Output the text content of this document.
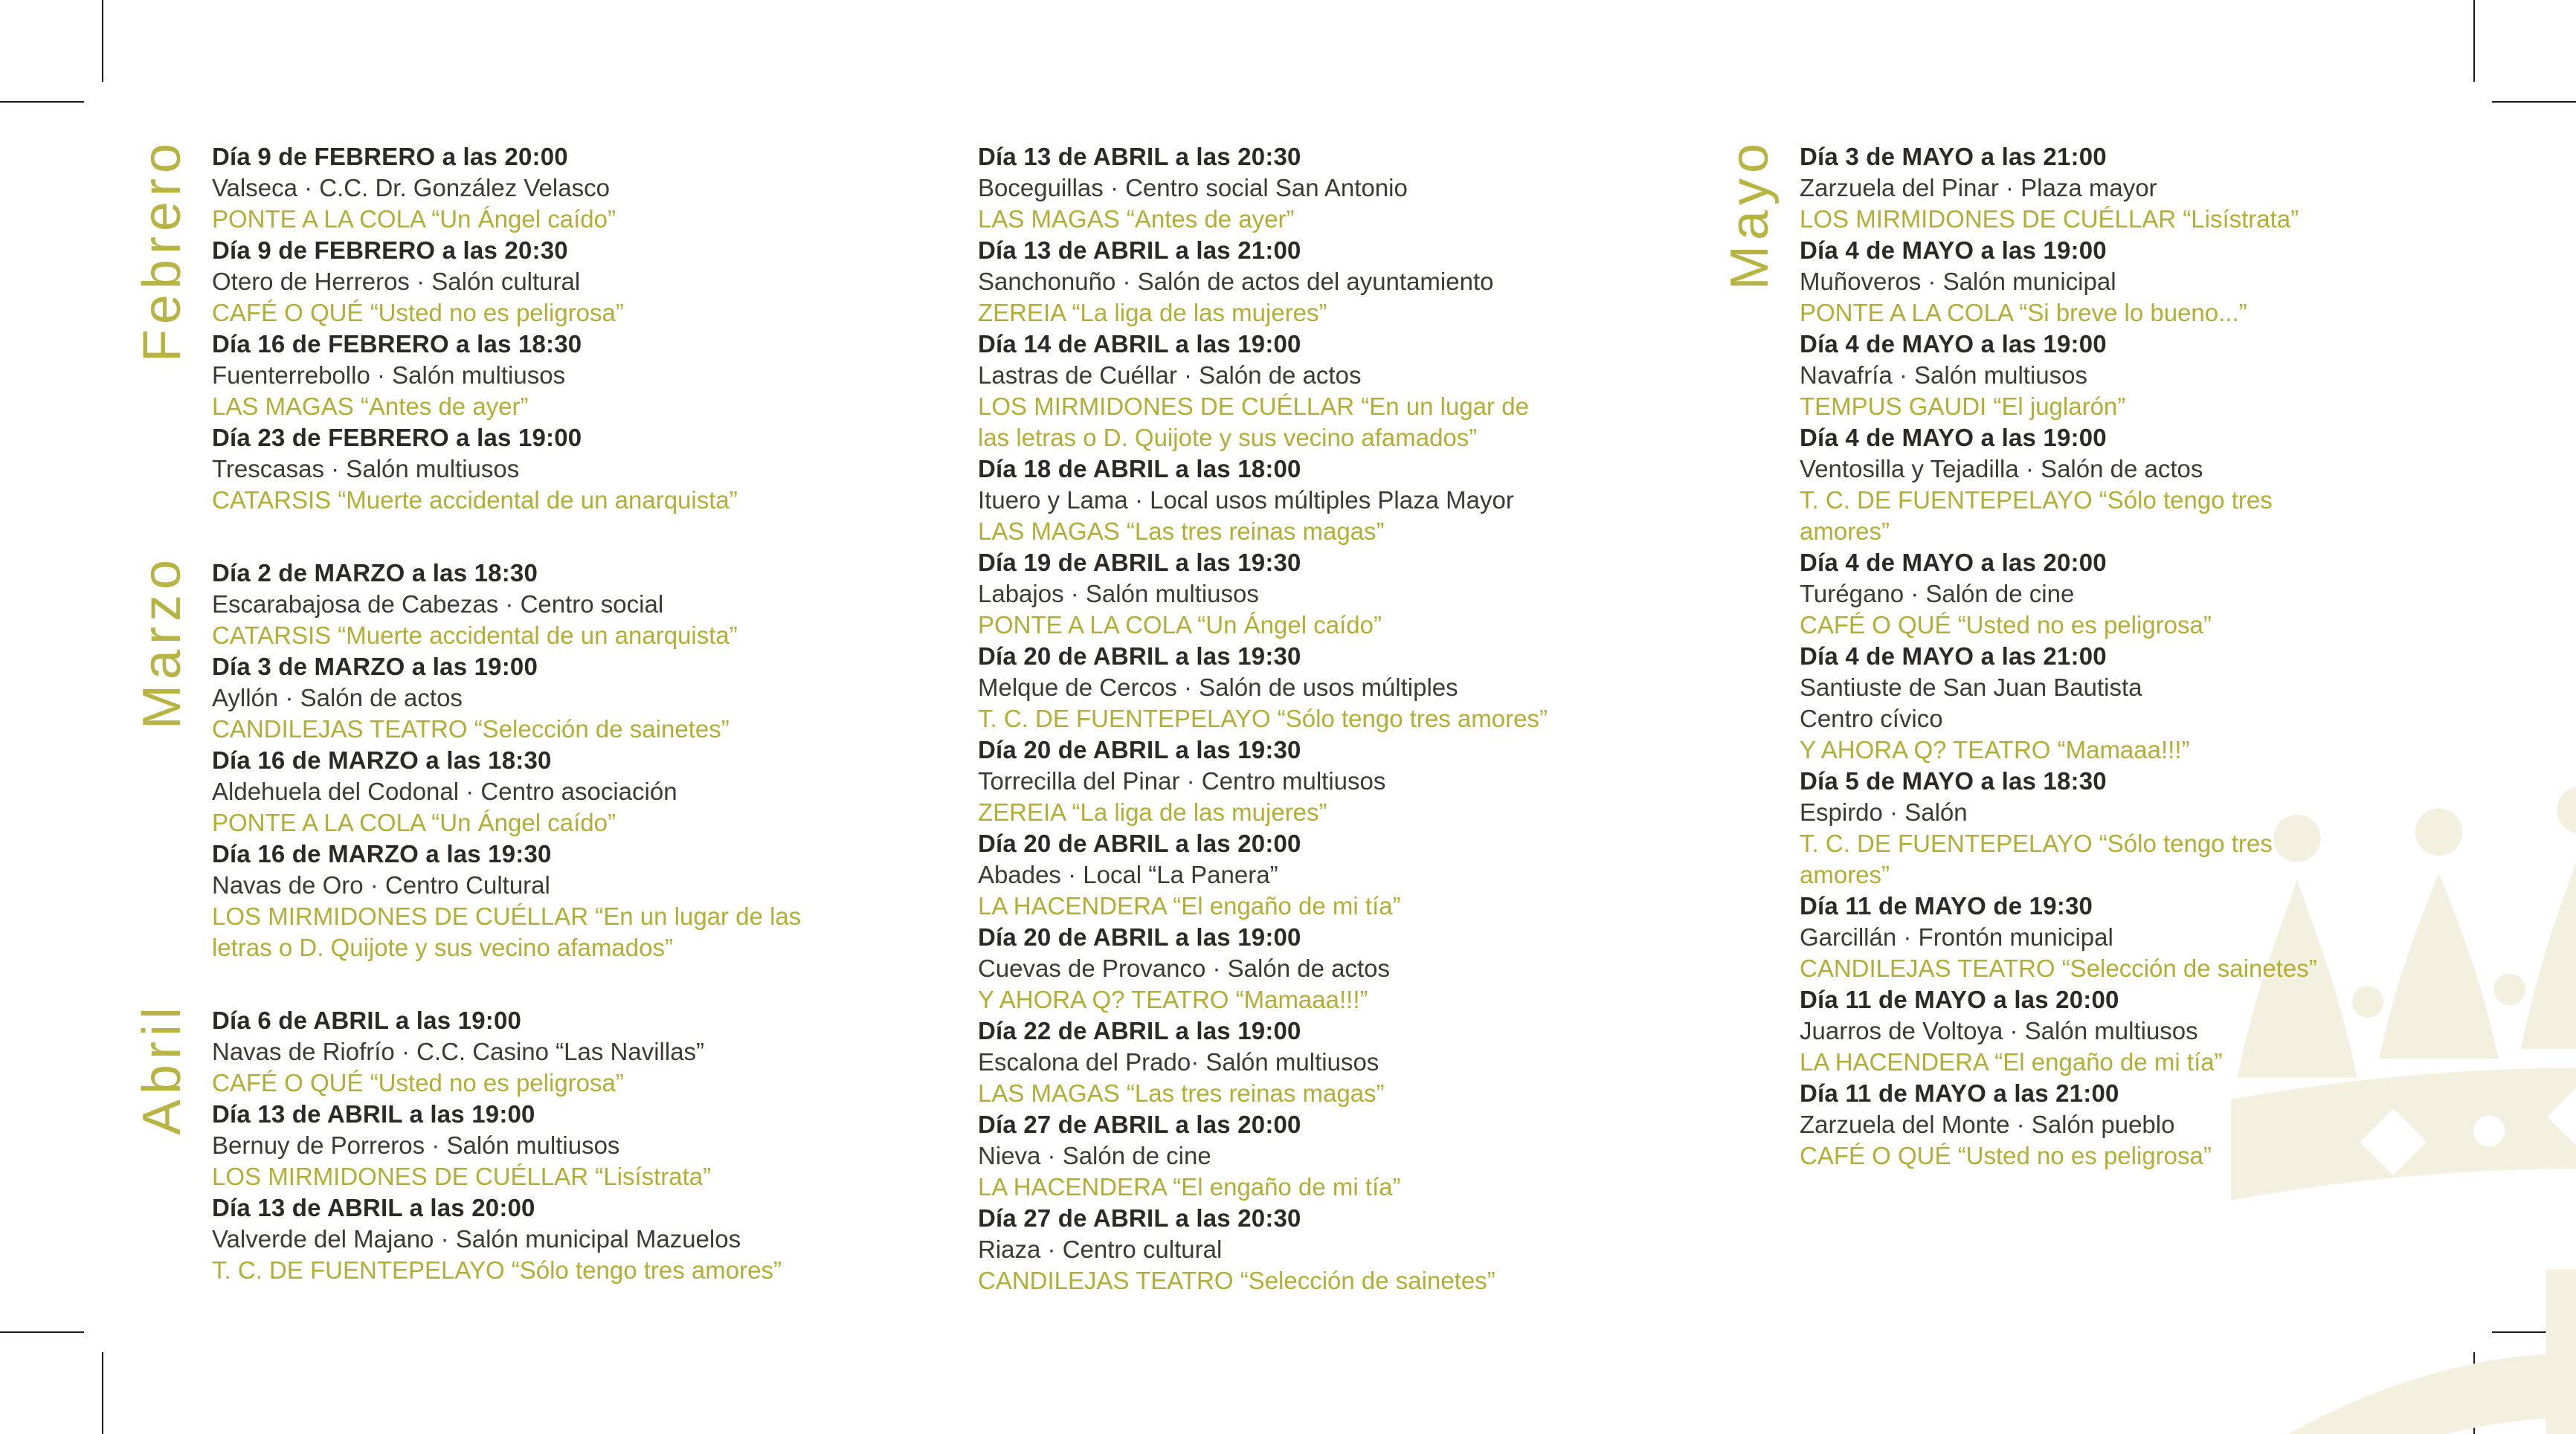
Febrero Día 9 de FEBRERO a las 20:00
Valseca · C.C. Dr. González Velasco
PONTE A LA COLA “Un Ángel caído”
Día 9 de FEBRERO a las 20:30
Otero de Herreros · Salón cultural
CAFÉ O QUÉ “Usted no es peligrosa”
Día 16 de FEBRERO a las 18:30
Fuenterrebollo · Salón multiusos
LAS MAGAS “Antes de ayer”
Día 23 de FEBRERO a las 19:00
Trescasas · Salón multiusos
CATARSIS “Muerte accidental de un anarquista”
Marzo Día 2 de MARZO a las 18:30
Escarabajosa de Cabezas · Centro social
CATARSIS “Muerte accidental de un anarquista”
Día 3 de MARZO a las 19:00
Ayllón · Salón de actos
CANDILEJAS TEATRO “Selección de sainetes”
Día 16 de MARZO a las 18:30
Aldehuela del Codonal · Centro asociación
PONTE A LA COLA “Un Ángel caído”
Día 16 de MARZO a las 19:30
Navas de Oro · Centro Cultural
LOS MIRMIDONES DE CUÉLLAR “En un lugar de las
letras o D. Quijote y sus vecino afamados”
Abril Día 6 de ABRIL a las 19:00
Navas de Riofrío · C.C. Casino “Las Navillas”
CAFÉ O QUÉ “Usted no es peligrosa”
Día 13 de ABRIL a las 19:00
Bernuy de Porreros · Salón multiusos
LOS MIRMIDONES DE CUÉLLAR “Lisístrata”
Día 13 de ABRIL a las 20:00
Valverde del Majano · Salón municipal Mazuelos
T. C. DE FUENTEPELAYO “Sólo tengo tres amores”
Día 13 de ABRIL a las 20:30
Boceguillas · Centro social San Antonio
LAS MAGAS “Antes de ayer”
Día 13 de ABRIL a las 21:00
Sanchonuño · Salón de actos del ayuntamiento
ZEREIA “La liga de las mujeres”
Día 14 de ABRIL a las 19:00
Lastras de Cuéllar · Salón de actos
LOS MIRMIDONES DE CUÉLLAR “En un lugar de
las letras o D. Quijote y sus vecino afamados”
Día 18 de ABRIL a las 18:00
Ituero y Lama · Local usos múltiples Plaza Mayor
LAS MAGAS “Las tres reinas magas”
Día 19 de ABRIL a las 19:30
Labajos · Salón multiusos
PONTE A LA COLA “Un Ángel caído”
Día 20 de ABRIL a las 19:30
Melque de Cercos · Salón de usos múltiples
T. C. DE FUENTEPELAYO “Sólo tengo tres amores”
Día 20 de ABRIL a las 19:30
Torrecilla del Pinar · Centro multiusos
ZEREIA “La liga de las mujeres”
Día 20 de ABRIL a las 20:00
Abades · Local “La Panera”
LA HACENDERA “El engaño de mi tía”
Día 20 de ABRIL a las 19:00
Cuevas de Provanco · Salón de actos
Y AHORA Q? TEATRO “Mamaaa!!!”
Día 22 de ABRIL a las 19:00
Escalona del Prado· Salón multiusos
LAS MAGAS “Las tres reinas magas”
Día 27 de ABRIL a las 20:00
Nieva · Salón de cine
LA HACENDERA “El engaño de mi tía”
Día 27 de ABRIL a las 20:30
Riaza · Centro cultural
CANDILEJAS TEATRO “Selección de sainetes”
Mayo Día 3 de MAYO a las 21:00
Zarzuela del Pinar · Plaza mayor
LOS MIRMIDONES DE CUÉLLAR “Lisístrata”
Día 4 de MAYO a las 19:00
Muñoveros · Salón municipal
PONTE A LA COLA “Si breve lo bueno...”
Día 4 de MAYO a las 19:00
Navafría · Salón multiusos
TEMPUS GAUDI “El juglarón”
Día 4 de MAYO a las 19:00
Ventosilla y Tejadilla · Salón de actos
T. C. DE FUENTEPELAYO “Sólo tengo tres
amores”
Día 4 de MAYO a las 20:00
Turégano · Salón de cine
CAFÉ O QUÉ “Usted no es peligrosa”
Día 4 de MAYO a las 21:00
Santiuste de San Juan Bautista
Centro cívico
Y AHORA Q? TEATRO “Mamaaa!!!”
Día 5 de MAYO a las 18:30
Espirdo · Salón
T. C. DE FUENTEPELAYO “Sólo tengo tres
amores”
Día 11 de MAYO de 19:30
Garcillán · Frontón municipal
CANDILEJAS TEATRO “Selección de sainetes”
Día 11 de MAYO a las 20:00
Juarros de Voltoya · Salón multiusos
LA HACENDERA “El engaño de mi tía”
Día 11 de MAYO a las 21:00
Zarzuela del Monte · Salón pueblo
CAFÉ O QUÉ “Usted no es peligrosa”
